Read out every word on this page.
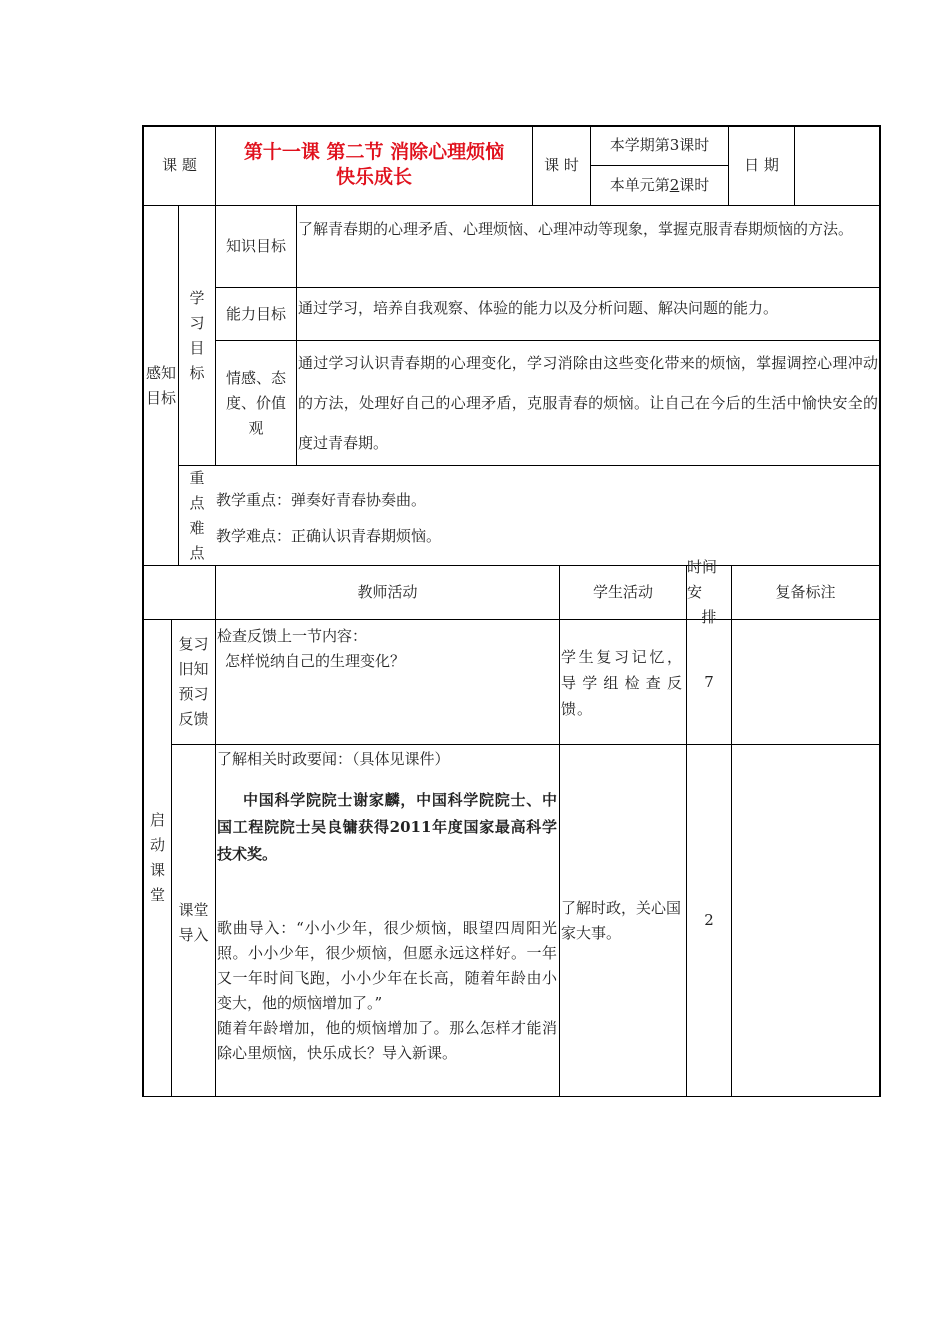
课 题
第十一课 第二节 消除心理烦恼
快乐成长
课 时
本学期第 3 课时
本单元第 2 课时
日 期
感知
目标
学
习
目
标
知识目标
了解青春期的心理矛盾、心理烦恼、心理冲动等现象，掌握克服青春期烦恼的方法。
能力目标 通过学习，培养自我观察、体验的能力以及分析问题、解决问题的能力。
情感、态
度、价值
观
通过学习认识青春期的心理变化，学习消除由这些变化带来的烦恼，掌握调控心理冲动的方法，处理好自己的心理矛盾，克服青春的烦恼。让自己在今后的生活中愉快安全的度过青春期。
重
点
难
点
教学重点：弹奏好青春协奏曲。
教学难点：正确认识青春期烦恼。
教师活动	学生活动
时间安
排
复备标注
启
动
课
堂
复习
旧知
预习
反馈
检查反馈上一节内容：
怎样悦纳自己的生理变化？	学生复习记忆，导学组检查反馈。
7
课堂
导入
了解相关时政要闻：（具体见课件）
中国科学院院士谢家麟，中国科学院院士、中国工程院院士吴良镛获得2011年度国家最高科学技术奖。
歌曲导入：“小小少年，很少烦恼，眼望四周阳光照。小小少年，很少烦恼，但愿永远这样好。一年又一年时间飞跑，小小少年在长高，随着年龄由小变大，他的烦恼增加了。”
随着年龄增加，他的烦恼增加了。那么怎样才能消除心里烦恼，快乐成长？导入新课。
了解时政，关心国家大事。
2
